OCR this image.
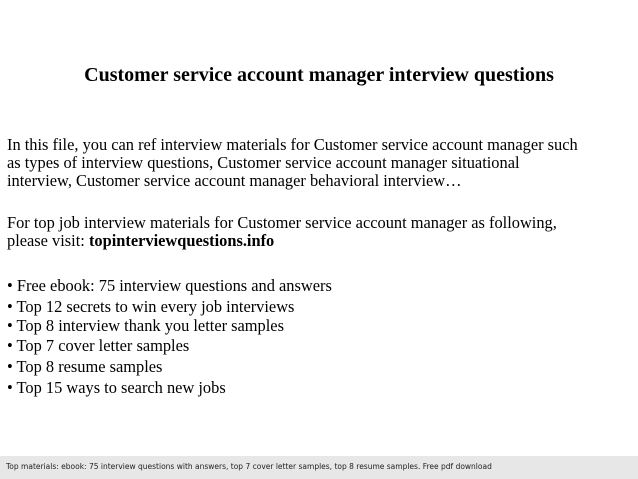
Customer service account manager interview questions
In this file, you can ref interview materials for Customer service account manager such
as types of interview questions, Customer service account manager situational
interview, Customer service account manager behavioral interview…
For top job interview materials for Customer service account manager as following,
please visit: topinterviewquestions.info
• Free ebook: 75 interview questions and answers
• Top 12 secrets to win every job interviews
• Top 8 interview thank you letter samples
• Top 7 cover letter samples
• Top 8 resume samples
• Top 15 ways to search new jobs
Top materials: ebook: 75 interview questions with answers, top 7 cover letter samples, top 8 resume samples. Free pdf download
